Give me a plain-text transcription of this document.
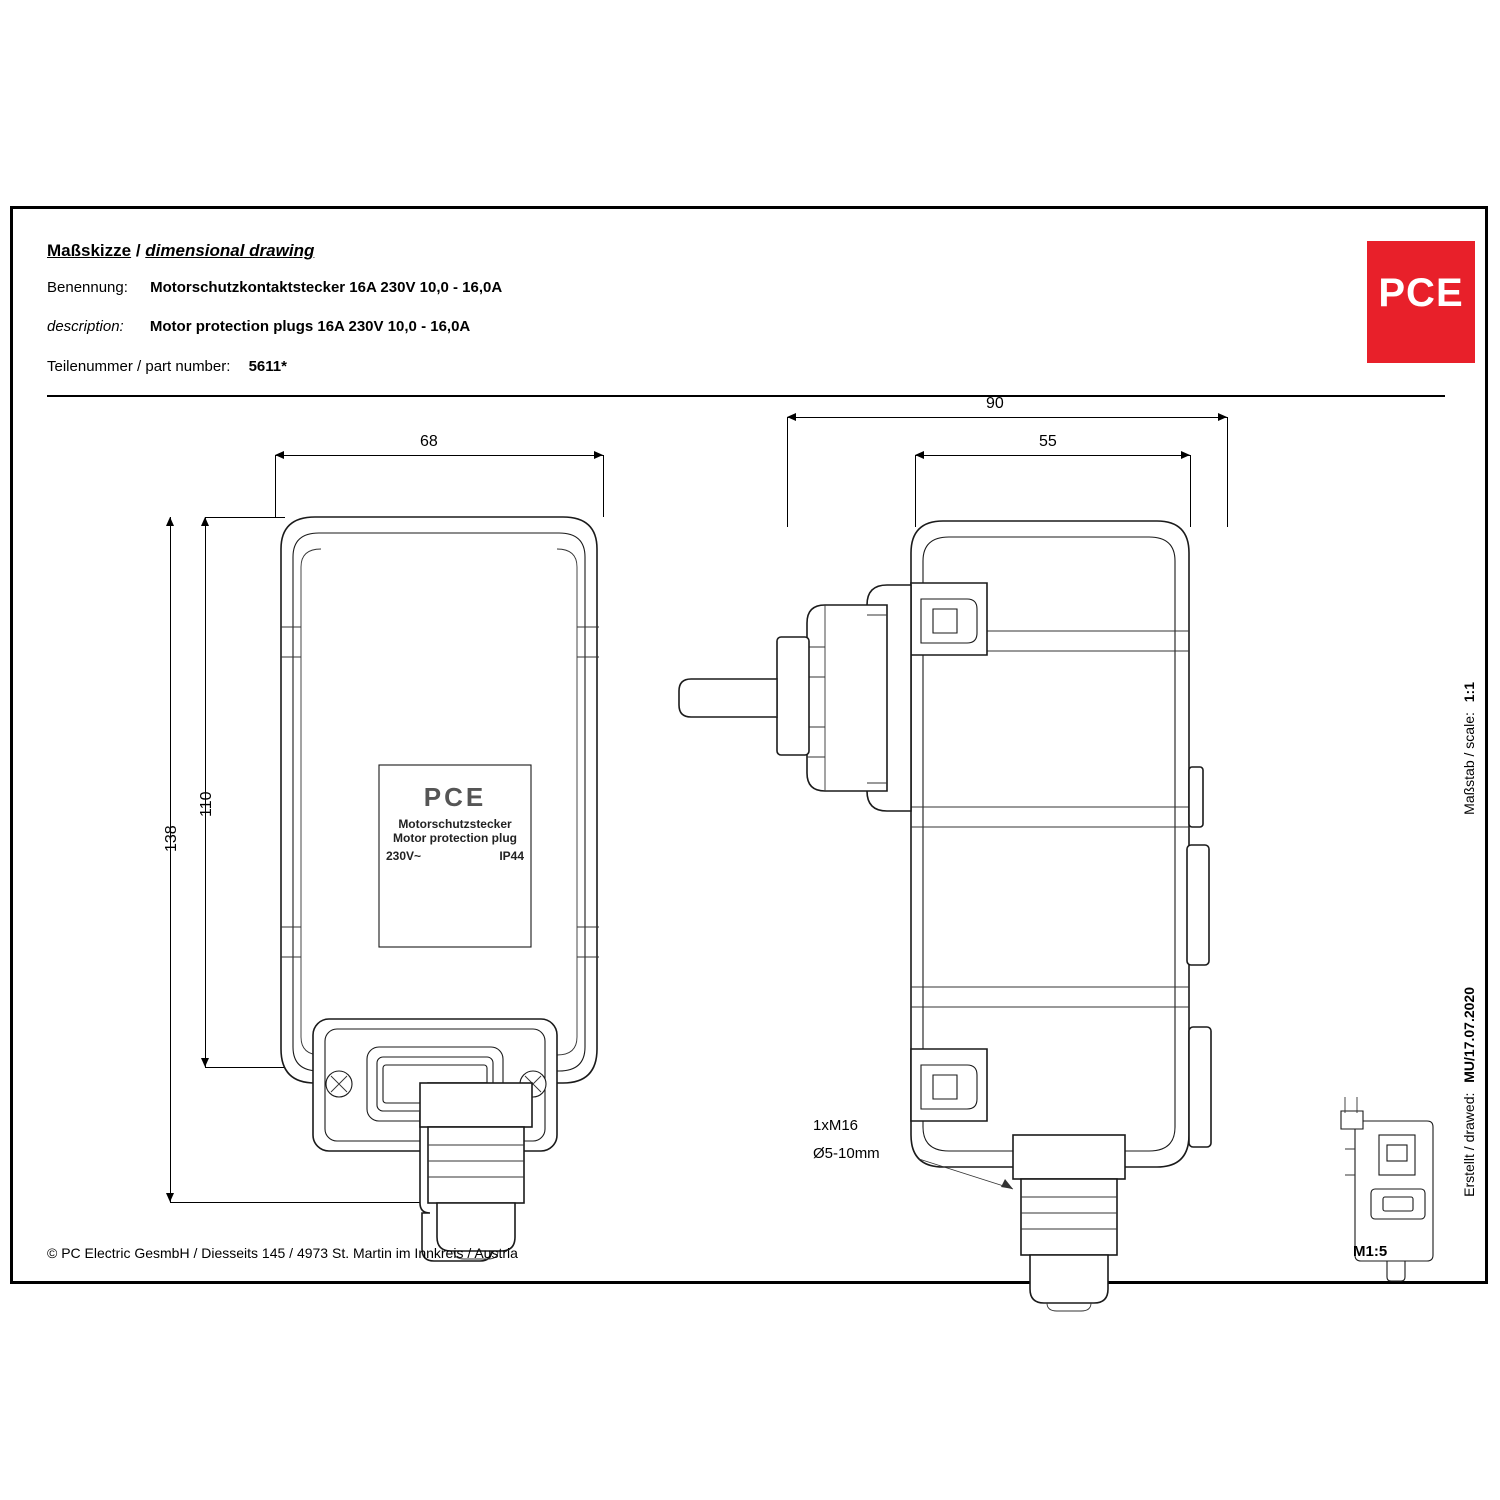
Maßskizze / dimensional drawing
Benennung: Motorschutzkontaktstecker 16A 230V 10,0 - 16,0A
description: Motor protection plugs 16A 230V 10,0 - 16,0A
Teilenummer / part number: 5611*
PCE
68
110
138
PCE
Motorschutzstecker
Motor protection plug
230V~	IP44
90
55
1xM16
Ø5-10mm
M1:5
© PC Electric GesmbH / Diesseits 145 / 4973 St. Martin im Innkreis / Austria
Erstellt / drawed: MU/17.07.2020
Maßstab / scale: 1:1
